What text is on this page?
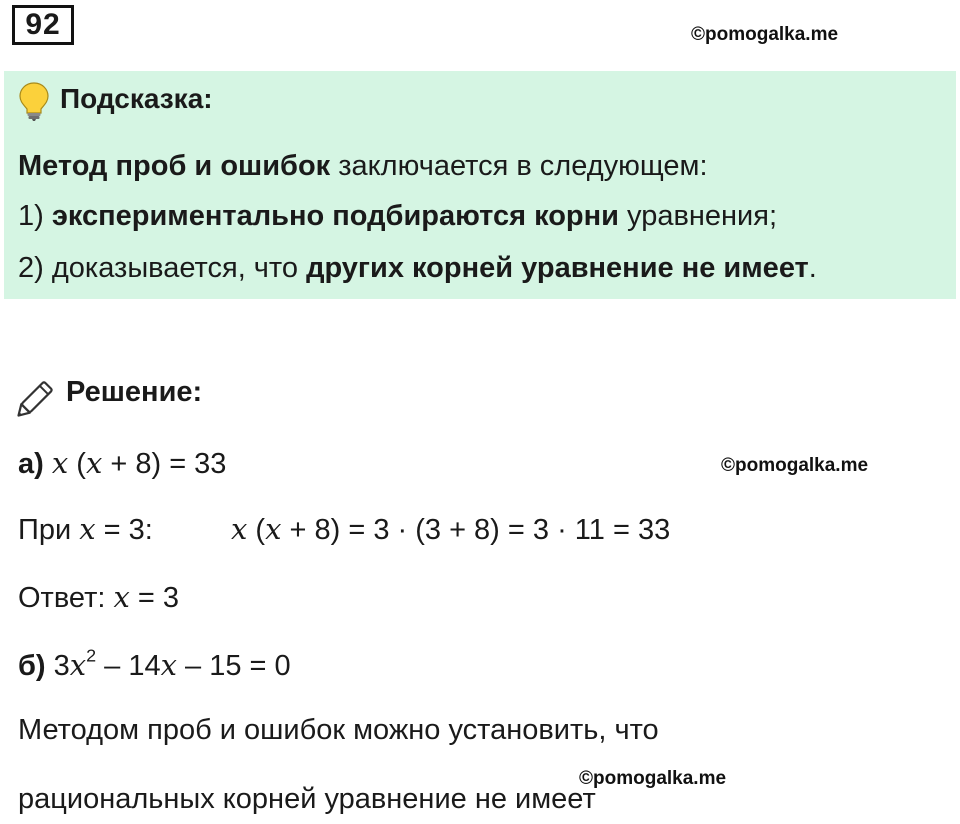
92	©pomogalka.me
Подсказка:
Метод проб и ошибок заключается в следующем:
1) экспериментально подбираются корни уравнения;
2) доказывается, что других корней уравнение не имеет.
Решение:
а) x (x + 8) = 33	©pomogalka.me
При x = 3:	x (x + 8) = 3 · (3 + 8) = 3 · 11 = 33
Ответ: x = 3
б) $3x^2 - 14x - 15 = 0$
Методом проб и ошибок можно установить, что
©pomogalka.me
рациональных корней уравнение не имеет
